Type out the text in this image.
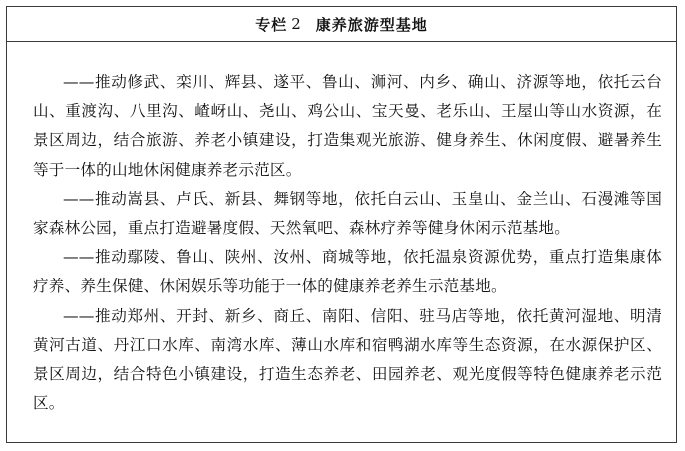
专栏 2 康养旅游型基地

——推动修武、栾川、辉县、遂平、鲁山、浉河、内乡、确山、济源等地，依托云台山、重渡沟、八里沟、嵖岈山、尧山、鸡公山、宝天曼、老乐山、王屋山等山水资源，在景区周边，结合旅游、养老小镇建设，打造集观光旅游、健身养生、休闲度假、避暑养生等于一体的山地休闲健康养老示范区。

——推动嵩县、卢氏、新县、舞钢等地，依托白云山、玉皇山、金兰山、石漫滩等国家森林公园，重点打造避暑度假、天然氧吧、森林疗养等健身休闲示范基地。

——推动鄢陵、鲁山、陕州、汝州、商城等地，依托温泉资源优势，重点打造集康体疗养、养生保健、休闲娱乐等功能于一体的健康养老养生示范基地。

——推动郑州、开封、新乡、商丘、南阳、信阳、驻马店等地，依托黄河湿地、明清黄河古道、丹江口水库、南湾水库、薄山水库和宿鸭湖水库等生态资源，在水源保护区、景区周边，结合特色小镇建设，打造生态养老、田园养老、观光度假等特色健康养老示范区。
